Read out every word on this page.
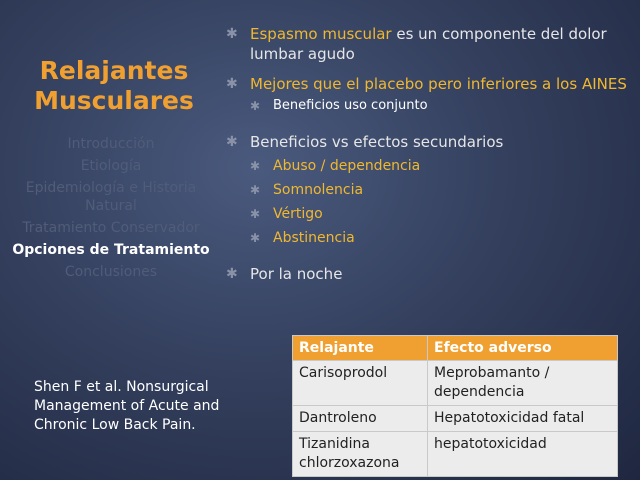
Relajantes Musculares
Introducción
Etiología
Epidemiología e Historia Natural
Tratamiento Conservador
Opciones de Tratamiento
Conclusiones
✱ Espasmo muscular es un componente del dolor lumbar agudo
✱ Mejores que el placebo pero inferiores a los AINES
✱ Beneficios uso conjunto
✱ Beneficios vs efectos secundarios
✱ Abuso / dependencia
✱ Somnolencia
✱ Vértigo
✱ Abstinencia
✱ Por la noche
Relajante	Efecto adverso
Carisoprodol	Meprobamanto / dependencia
Dantroleno	Hepatotoxicidad fatal
Tizanidina chlorzoxazona	hepatotoxicidad
Shen F et al. Nonsurgical Management of Acute and Chronic Low Back Pain.
